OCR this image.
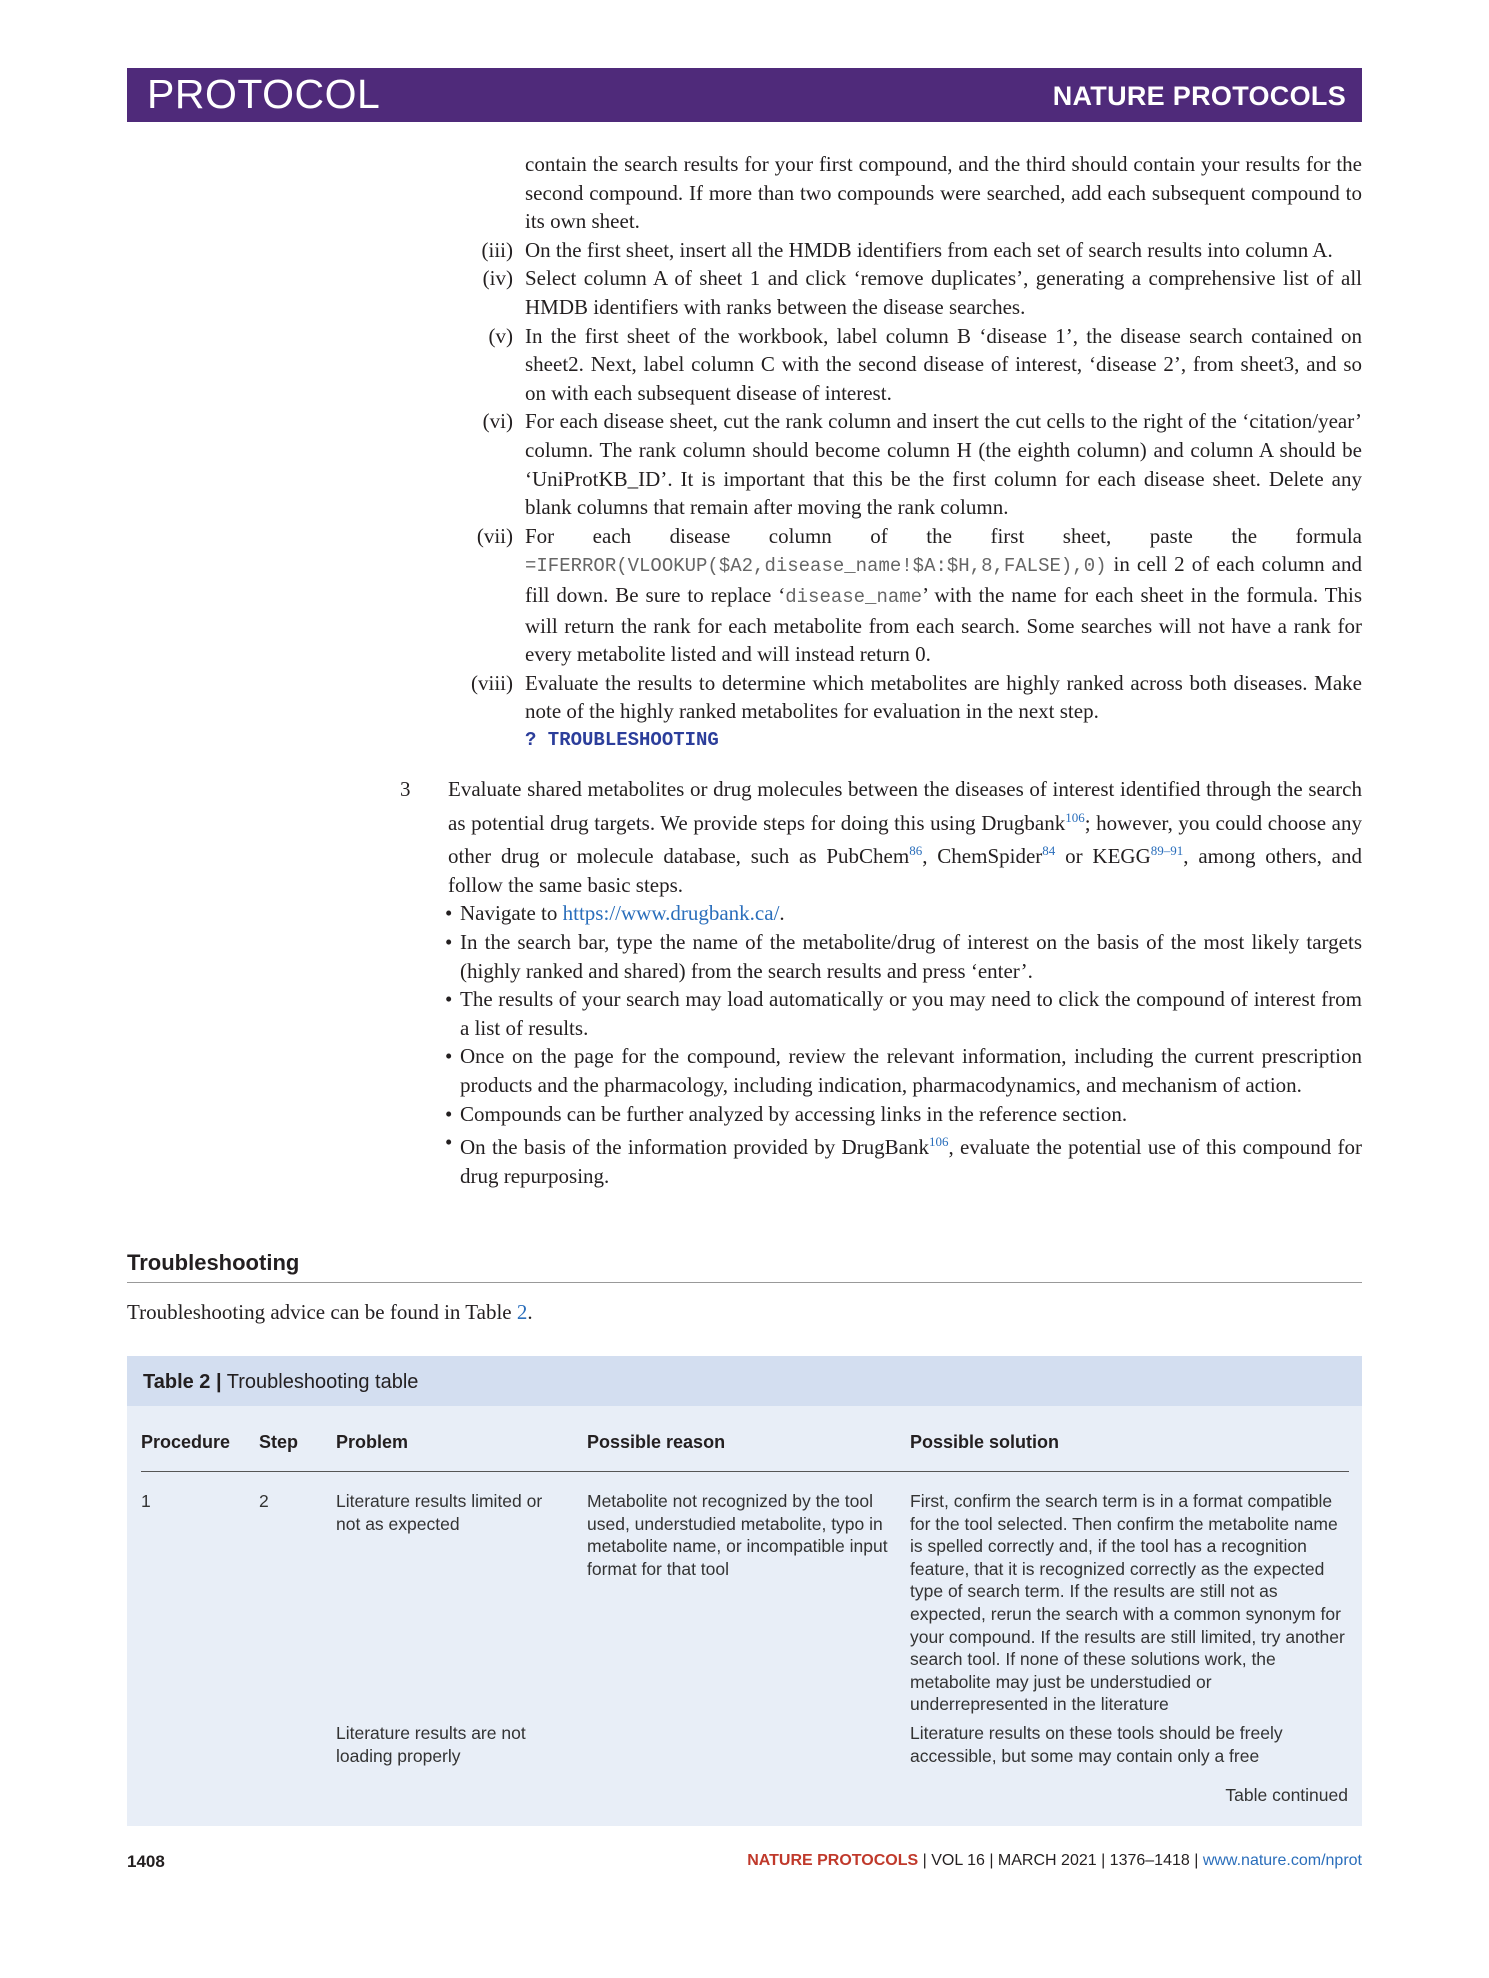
PROTOCOL	NATURE PROTOCOLS
contain the search results for your first compound, and the third should contain your results for the second compound. If more than two compounds were searched, add each subsequent compound to its own sheet.
(iii) On the first sheet, insert all the HMDB identifiers from each set of search results into column A.
(iv) Select column A of sheet 1 and click ‘remove duplicates’, generating a comprehensive list of all HMDB identifiers with ranks between the disease searches.
(v) In the first sheet of the workbook, label column B ‘disease 1’, the disease search contained on sheet2. Next, label column C with the second disease of interest, ‘disease 2’, from sheet3, and so on with each subsequent disease of interest.
(vi) For each disease sheet, cut the rank column and insert the cut cells to the right of the ‘citation/year’ column. The rank column should become column H (the eighth column) and column A should be ‘UniProtKB_ID’. It is important that this be the first column for each disease sheet. Delete any blank columns that remain after moving the rank column.
(vii) For each disease column of the first sheet, paste the formula =IFERROR(VLOOKUP($A2,disease_name!$A:$H,8,FALSE),0) in cell 2 of each column and fill down. Be sure to replace ‘disease_name’ with the name for each sheet in the formula. This will return the rank for each metabolite from each search. Some searches will not have a rank for every metabolite listed and will instead return 0.
(viii) Evaluate the results to determine which metabolites are highly ranked across both diseases. Make note of the highly ranked metabolites for evaluation in the next step.
? TROUBLESHOOTING
3	Evaluate shared metabolites or drug molecules between the diseases of interest identified through the search as potential drug targets. We provide steps for doing this using Drugbank$^{106}$; however, you could choose any other drug or molecule database, such as PubChem$^{86}$, ChemSpider$^{84}$ or KEGG$^{89-91}$, among others, and follow the same basic steps.
• Navigate to https://www.drugbank.ca/.
• In the search bar, type the name of the metabolite/drug of interest on the basis of the most likely targets (highly ranked and shared) from the search results and press ‘enter’.
• The results of your search may load automatically or you may need to click the compound of interest from a list of results.
• Once on the page for the compound, review the relevant information, including the current prescription products and the pharmacology, including indication, pharmacodynamics, and mechanism of action.
• Compounds can be further analyzed by accessing links in the reference section.
• On the basis of the information provided by DrugBank$^{106}$, evaluate the potential use of this compound for drug repurposing.
Troubleshooting
Troubleshooting advice can be found in Table 2.
Table 2 | Troubleshooting table
Procedure	Step	Problem	Possible reason	Possible solution

1	2	Literature results limited or not as expected	Metabolite not recognized by the tool used, understudied metabolite, typo in metabolite name, or incompatible input format for that tool	First, confirm the search term is in a format compatible for the tool selected. Then confirm the metabolite name is spelled correctly and, if the tool has a recognition feature, that it is recognized correctly as the expected type of search term. If the results are still not as expected, rerun the search with a common synonym for your compound. If the results are still limited, try another search tool. If none of these solutions work, the metabolite may just be understudied or underrepresented in the literature

		Literature results are not loading properly		Literature results on these tools should be freely accessible, but some may contain only a free
Table continued
1408	NATURE PROTOCOLS | VOL 16 | MARCH 2021 | 1376–1418 | www.nature.com/nprot
